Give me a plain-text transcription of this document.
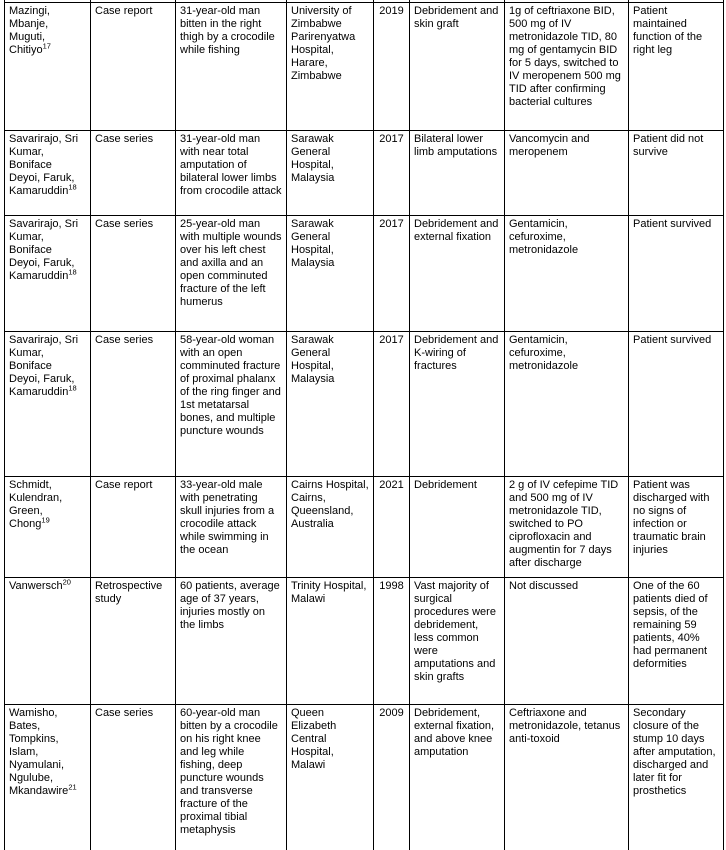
Mazingi, Mbanje, Muguti, Chitiyo$^{17}$	Case report	31-year-old man bitten in the right thigh by a crocodile while fishing	University of Zimbabwe Parirenyatwa Hospital, Harare, Zimbabwe	2019	Debridement and skin graft	1g of ceftriaxone BID, 500 mg of IV metronidazole TID, 80 mg of gentamycin BID for 5 days, switched to IV meropenem 500 mg TID after confirming bacterial cultures	Patient maintained function of the right leg
Savarirajo, Sri Kumar, Boniface Deyoi, Faruk, Kamaruddin$^{18}$	Case series	31-year-old man with near total amputation of bilateral lower limbs from crocodile attack	Sarawak General Hospital, Malaysia	2017	Bilateral lower limb amputations	Vancomycin and meropenem	Patient did not survive
Savarirajo, Sri Kumar, Boniface Deyoi, Faruk, Kamaruddin$^{18}$	Case series	25-year-old man with multiple wounds over his left chest and axilla and an open comminuted fracture of the left humerus	Sarawak General Hospital, Malaysia	2017	Debridement and external fixation	Gentamicin, cefuroxime, metronidazole	Patient survived
Savarirajo, Sri Kumar, Boniface Deyoi, Faruk, Kamaruddin$^{18}$	Case series	58-year-old woman with an open comminuted fracture of proximal phalanx of the ring finger and 1st metatarsal bones, and multiple puncture wounds	Sarawak General Hospital, Malaysia	2017	Debridement and K-wiring of fractures	Gentamicin, cefuroxime, metronidazole	Patient survived
Schmidt, Kulendran, Green, Chong$^{19}$	Case report	33-year-old male with penetrating skull injuries from a crocodile attack while swimming in the ocean	Cairns Hospital, Cairns, Queensland, Australia	2021	Debridement	2 g of IV cefepime TID and 500 mg of IV metronidazole TID, switched to PO ciprofloxacin and augmentin for 7 days after discharge	Patient was discharged with no signs of infection or traumatic brain injuries
Vanwersch$^{20}$	Retrospective study	60 patients, average age of 37 years, injuries mostly on the limbs	Trinity Hospital, Malawi	1998	Vast majority of surgical procedures were debridement, less common were amputations and skin grafts	Not discussed	One of the 60 patients died of sepsis, of the remaining 59 patients, 40% had permanent deformities
Wamisho, Bates, Tompkins, Islam, Nyamulani, Ngulube, Mkandawire$^{21}$	Case series	60-year-old man bitten by a crocodile on his right knee and leg while fishing, deep puncture wounds and transverse fracture of the proximal tibial metaphysis	Queen Elizabeth Central Hospital, Malawi	2009	Debridement, external fixation, and above knee amputation	Ceftriaxone and metronidazole, tetanus anti-toxoid	Secondary closure of the stump 10 days after amputation, discharged and later fit for prosthetics
